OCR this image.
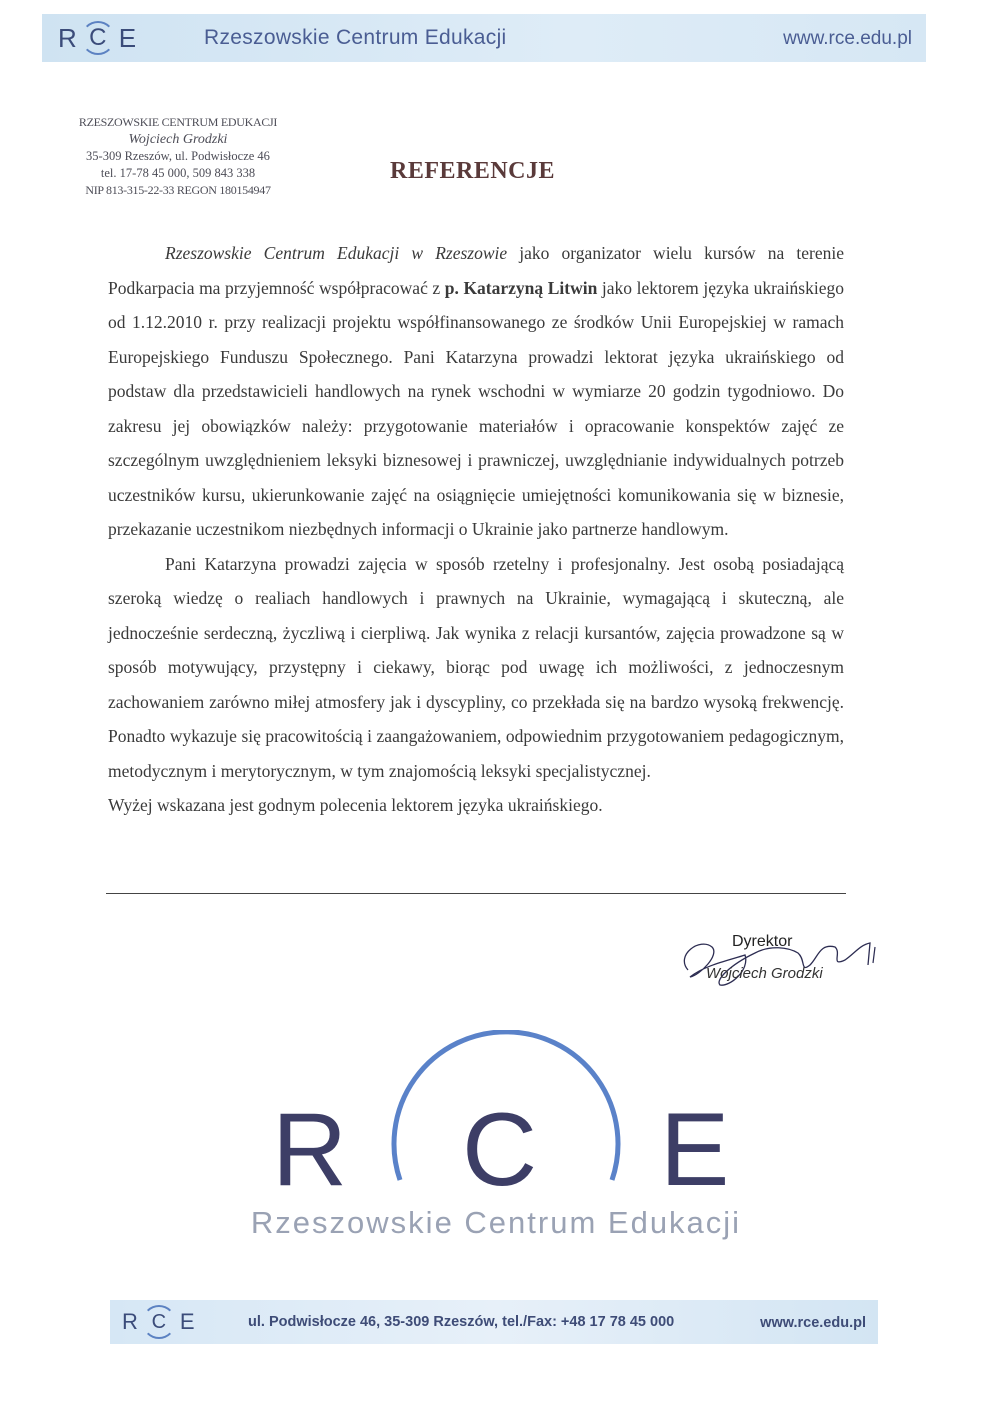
R C E	Rzeszowskie Centrum Edukacji	www.rce.edu.pl
RZESZOWSKIE CENTRUM EDUKACJI
Wojciech Grodzki
35-309 Rzeszów, ul. Podwisłocze 46
tel. 17-78 45 000, 509 843 338
NIP 813-315-22-33 REGON 180154947
REFERENCJE

Rzeszowskie Centrum Edukacji w Rzeszowie jako organizator wielu kursów na terenie Podkarpacia ma przyjemność współpracować z p. Katarzyną Litwin jako lektorem języka ukraińskiego od 1.12.2010 r. przy realizacji projektu współfinansowanego ze środków Unii Europejskiej w ramach Europejskiego Funduszu Społecznego. Pani Katarzyna prowadzi lektorat języka ukraińskiego od podstaw dla przedstawicieli handlowych na rynek wschodni w wymiarze 20 godzin tygodniowo. Do zakresu jej obowiązków należy: przygotowanie materiałów i opracowanie konspektów zajęć ze szczególnym uwzględnieniem leksyki biznesowej i prawniczej, uwzględnianie indywidualnych potrzeb uczestników kursu, ukierunkowanie zajęć na osiągnięcie umiejętności komunikowania się w biznesie, przekazanie uczestnikom niezbędnych informacji o Ukrainie jako partnerze handlowym.

Pani Katarzyna prowadzi zajęcia w sposób rzetelny i profesjonalny. Jest osobą posiadającą szeroką wiedzę o realiach handlowych i prawnych na Ukrainie, wymagającą i skuteczną, ale jednocześnie serdeczną, życzliwą i cierpliwą. Jak wynika z relacji kursantów, zajęcia prowadzone są w sposób motywujący, przystępny i ciekawy, biorąc pod uwagę ich możliwości, z jednoczesnym zachowaniem zarówno miłej atmosfery jak i dyscypliny, co przekłada się na bardzo wysoką frekwencję. Ponadto wykazuje się pracowitością i zaangażowaniem, odpowiednim przygotowaniem pedagogicznym, metodycznym i merytorycznym, w tym znajomością leksyki specjalistycznej.

Wyżej wskazana jest godnym polecenia lektorem języka ukraińskiego.

Dyrektor
Wojciech Grodzki
R C E
Rzeszowskie Centrum Edukacji
R C E	ul. Podwisłocze 46, 35-309 Rzeszów, tel./Fax: +48 17 78 45 000	www.rce.edu.pl
